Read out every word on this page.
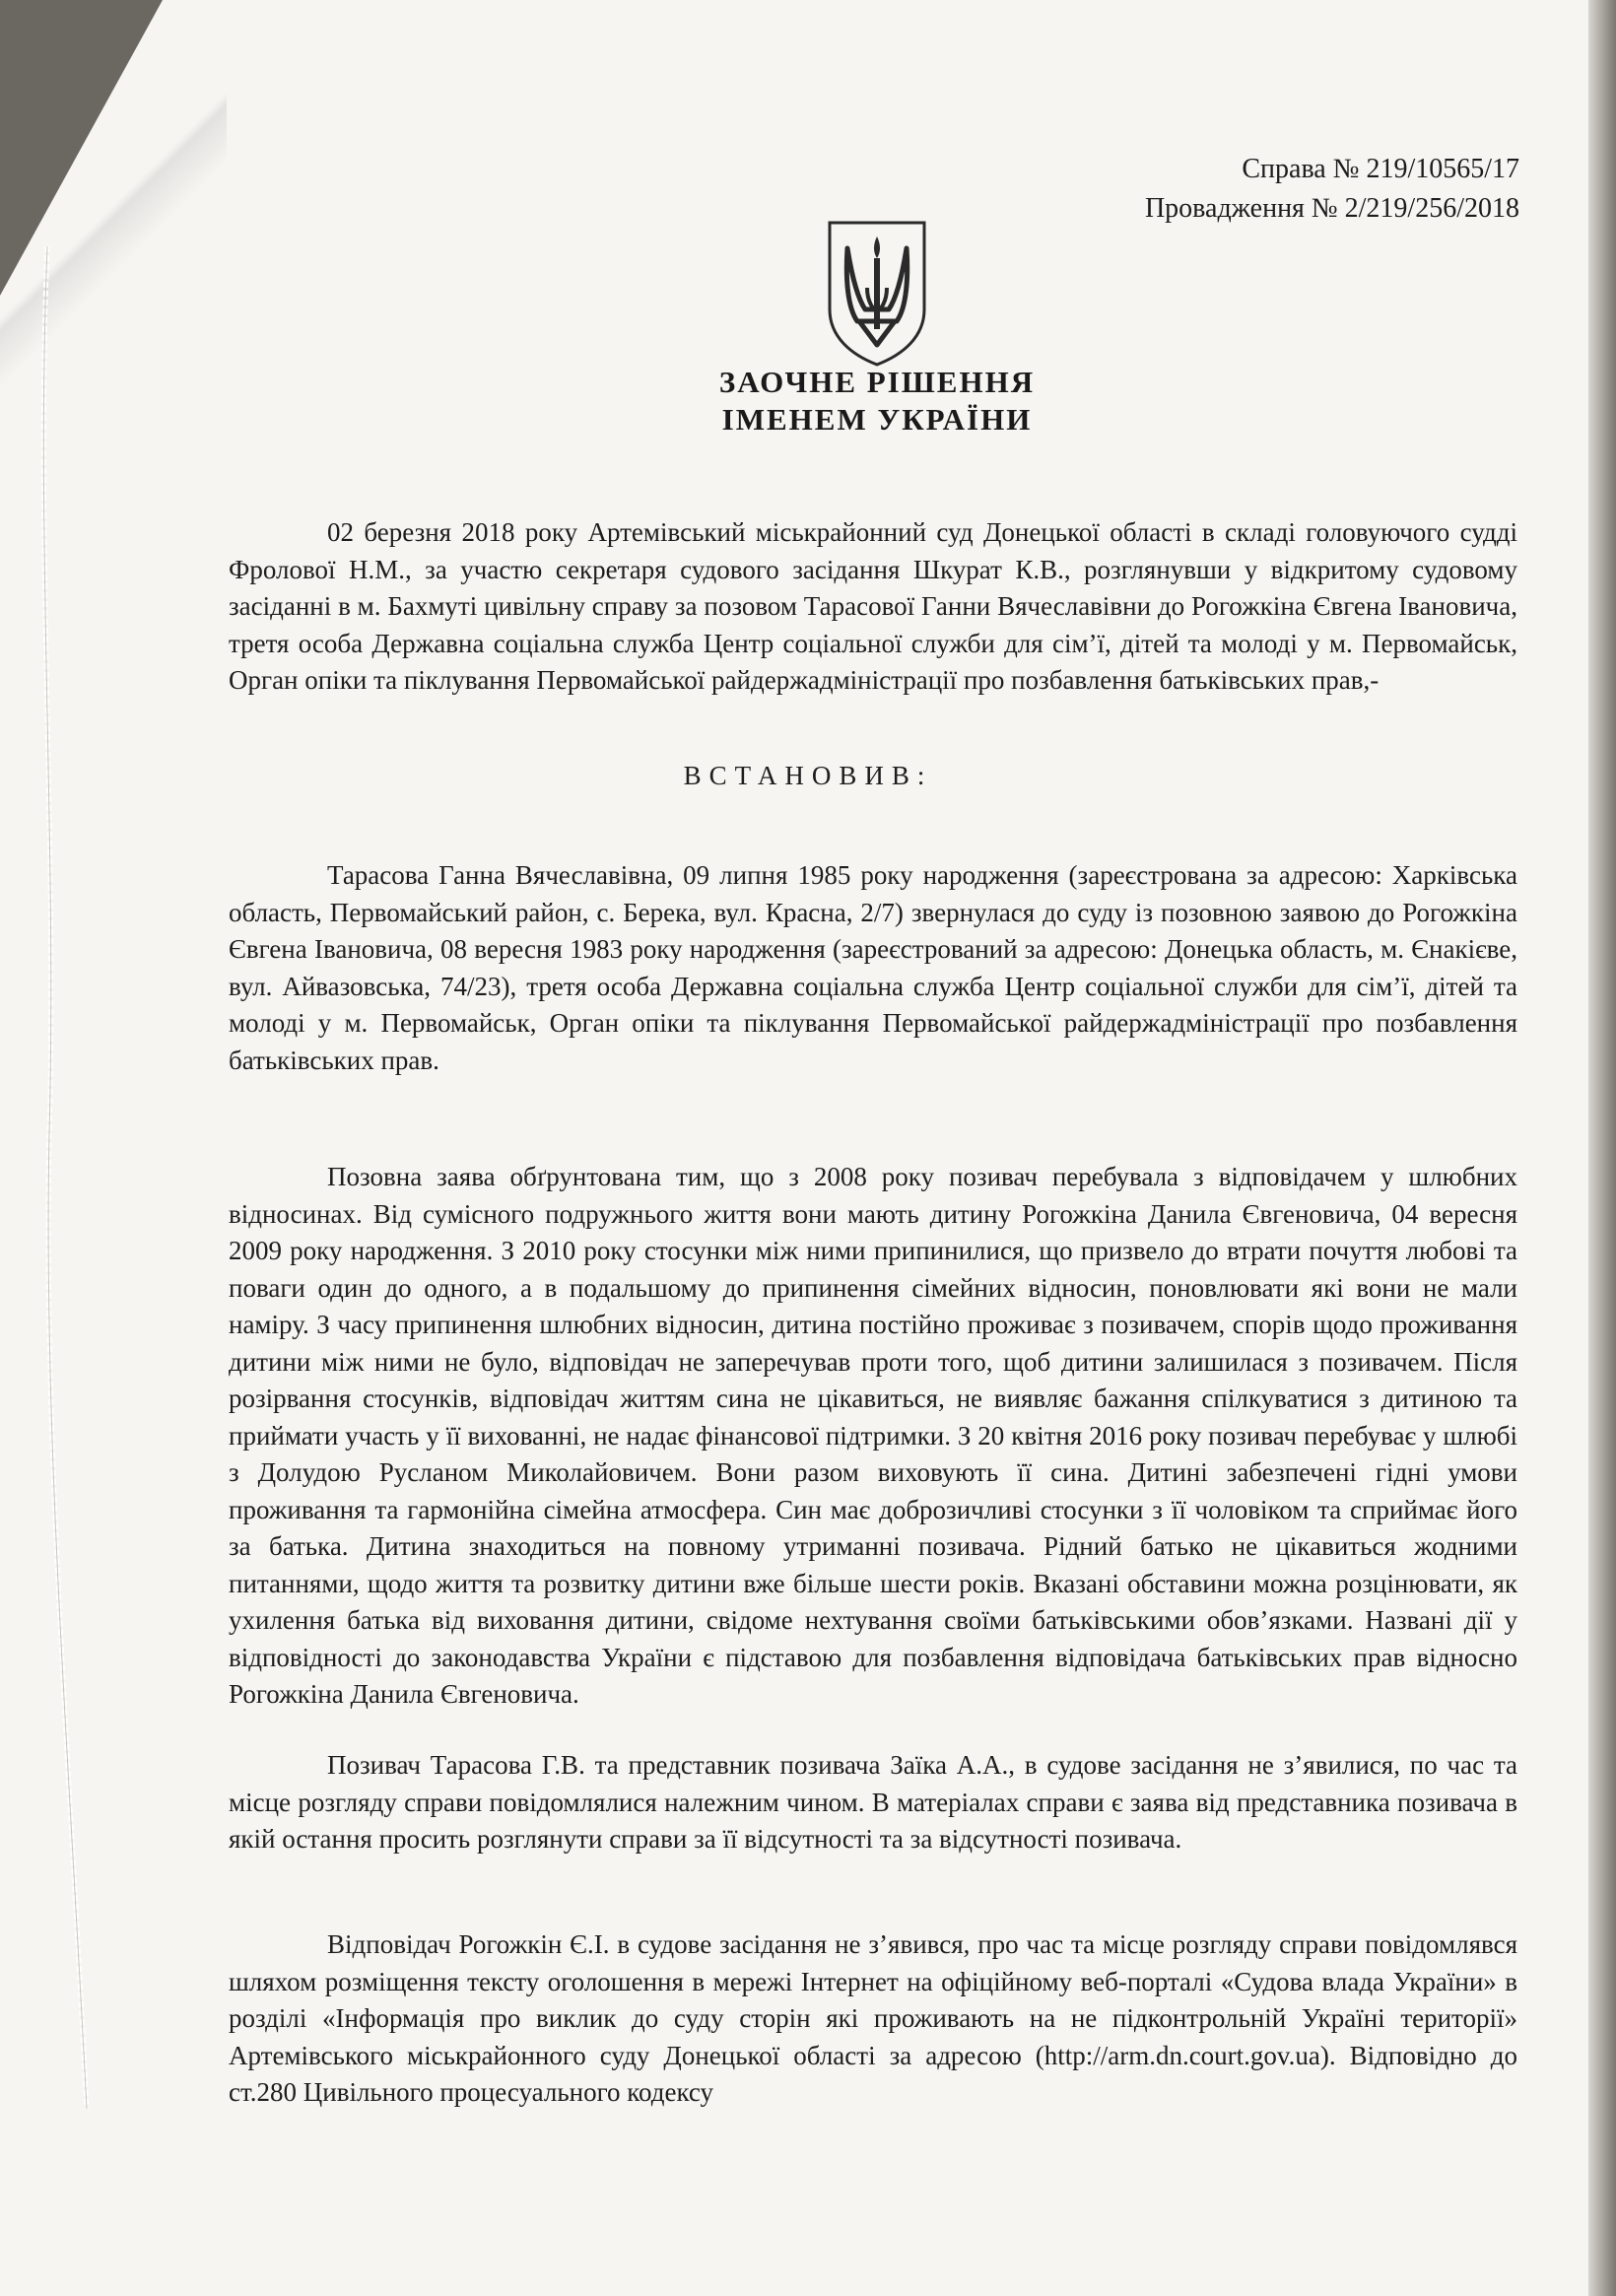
Справа № 219/10565/17
Провадження № 2/219/256/2018
ЗАОЧНЕ РІШЕННЯ
ІМЕНЕМ УКРАЇНИ

02 березня 2018 року Артемівський міськрайонний суд Донецької області в складі головуючого судді Фролової Н.М., за участю секретаря судового засідання Шкурат К.В., розглянувши у відкритому судовому засіданні в м. Бахмуті цивільну справу за позовом Тарасової Ганни Вячеславівни до Рогожкіна Євгена Івановича, третя особа Державна соціальна служба Центр соціальної служби для сім’ї, дітей та молоді у м. Первомайськ, Орган опіки та піклування Первомайської райдержадміністрації про позбавлення батьківських прав,-

ВСТАНОВИВ:

Тарасова Ганна Вячеславівна, 09 липня 1985 року народження (зареєстрована за адресою: Харківська область, Первомайський район, с. Берека, вул. Красна, 2/7) звернулася до суду із позовною заявою до Рогожкіна Євгена Івановича, 08 вересня 1983 року народження (зареєстрований за адресою: Донецька область, м. Єнакієве, вул. Айвазовська, 74/23), третя особа Державна соціальна служба Центр соціальної служби для сім’ї, дітей та молоді у м. Первомайськ, Орган опіки та піклування Первомайської райдержадміністрації про позбавлення батьківських прав.

Позовна заява обґрунтована тим, що з 2008 року позивач перебувала з відповідачем у шлюбних відносинах. Від сумісного подружнього життя вони мають дитину Рогожкіна Данила Євгеновича, 04 вересня 2009 року народження. З 2010 року стосунки між ними припинилися, що призвело до втрати почуття любові та поваги один до одного, а в подальшому до припинення сімейних відносин, поновлювати які вони не мали наміру. З часу припинення шлюбних відносин, дитина постійно проживає з позивачем, спорів щодо проживання дитини між ними не було, відповідач не заперечував проти того, щоб дитини залишилася з позивачем. Після розірвання стосунків, відповідач життям сина не цікавиться, не виявляє бажання спілкуватися з дитиною та приймати участь у її вихованні, не надає фінансової підтримки. З 20 квітня 2016 року позивач перебуває у шлюбі з Долудою Русланом Миколайовичем. Вони разом виховують її сина. Дитині забезпечені гідні умови проживання та гармонійна сімейна атмосфера. Син має доброзичливі стосунки з її чоловіком та сприймає його за батька. Дитина знаходиться на повному утриманні позивача. Рідний батько не цікавиться жодними питаннями, щодо життя та розвитку дитини вже більше шести років. Вказані обставини можна розцінювати, як ухилення батька від виховання дитини, свідоме нехтування своїми батьківськими обов’язками. Названі дії у відповідності до законодавства України є підставою для позбавлення відповідача батьківських прав відносно Рогожкіна Данила Євгеновича.

Позивач Тарасова Г.В. та представник позивача Заїка А.А., в судове засідання не з’явилися, по час та місце розгляду справи повідомлялися належним чином. В матеріалах справи є заява від представника позивача в якій остання просить розглянути справи за її відсутності та за відсутності позивача.

Відповідач Рогожкін Є.І. в судове засідання не з’явився, про час та місце розгляду справи повідомлявся шляхом розміщення тексту оголошення в мережі Інтернет на офіційному веб-порталі «Судова влада України» в розділі «Інформація про виклик до суду сторін які проживають на не підконтрольній Україні території» Артемівського міськрайонного суду Донецької області за адресою (http://arm.dn.court.gov.ua). Відповідно до ст.280 Цивільного процесуального кодексу
